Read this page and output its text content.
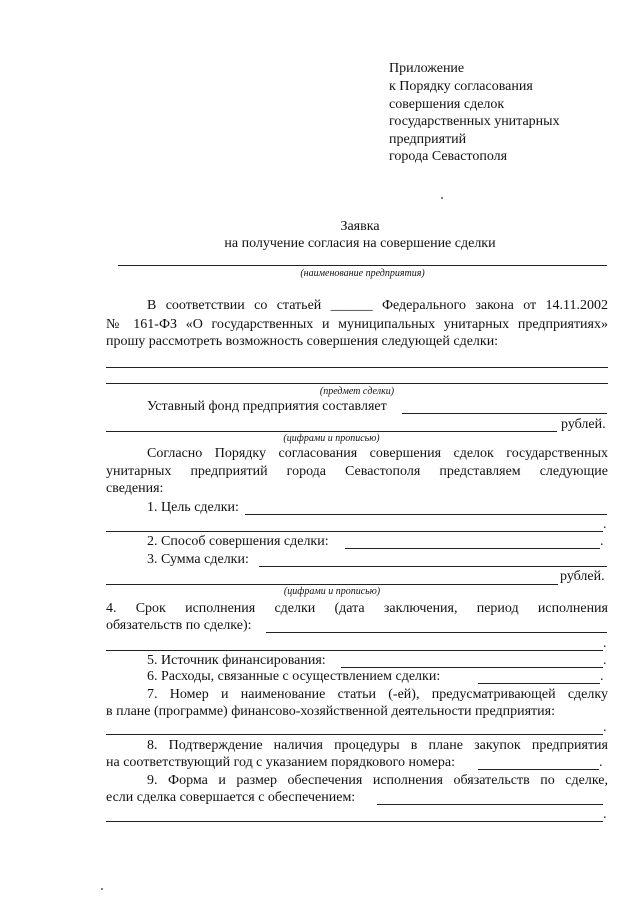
Приложение
к Порядку согласования
совершения сделок
государственных унитарных
предприятий
города Севастополя
Заявка
на получение согласия на совершение сделки
(наименование предприятия)
В соответствии со статьей ______ Федерального закона от 14.11.2002
№ 161-ФЗ «О государственных и муниципальных унитарных предприятиях»
прошу рассмотреть возможность совершения следующей сделки:
(предмет сделки)
Уставный фонд предприятия составляет
рублей.
(цифрами и прописью)
Согласно Порядку согласования совершения сделок государственных
унитарных предприятий города Севастополя представляем следующие
сведения:
1. Цель сделки:
.
2. Способ совершения сделки:	.
3. Сумма сделки:
рублей.
(цифрами и прописью)
4. Срок исполнения сделки (дата заключения, период исполнения
обязательств по сделке):
.
5. Источник финансирования:	.
6. Расходы, связанные с осуществлением сделки:	.
7. Номер и наименование статьи (-ей), предусматривающей сделку
в плане (программе) финансово-хозяйственной деятельности предприятия:
.
8. Подтверждение наличия процедуры в плане закупок предприятия
на соответствующий год с указанием порядкового номера:	.
9. Форма и размер обеспечения исполнения обязательств по сделке,
если сделка совершается с обеспечением:
.
